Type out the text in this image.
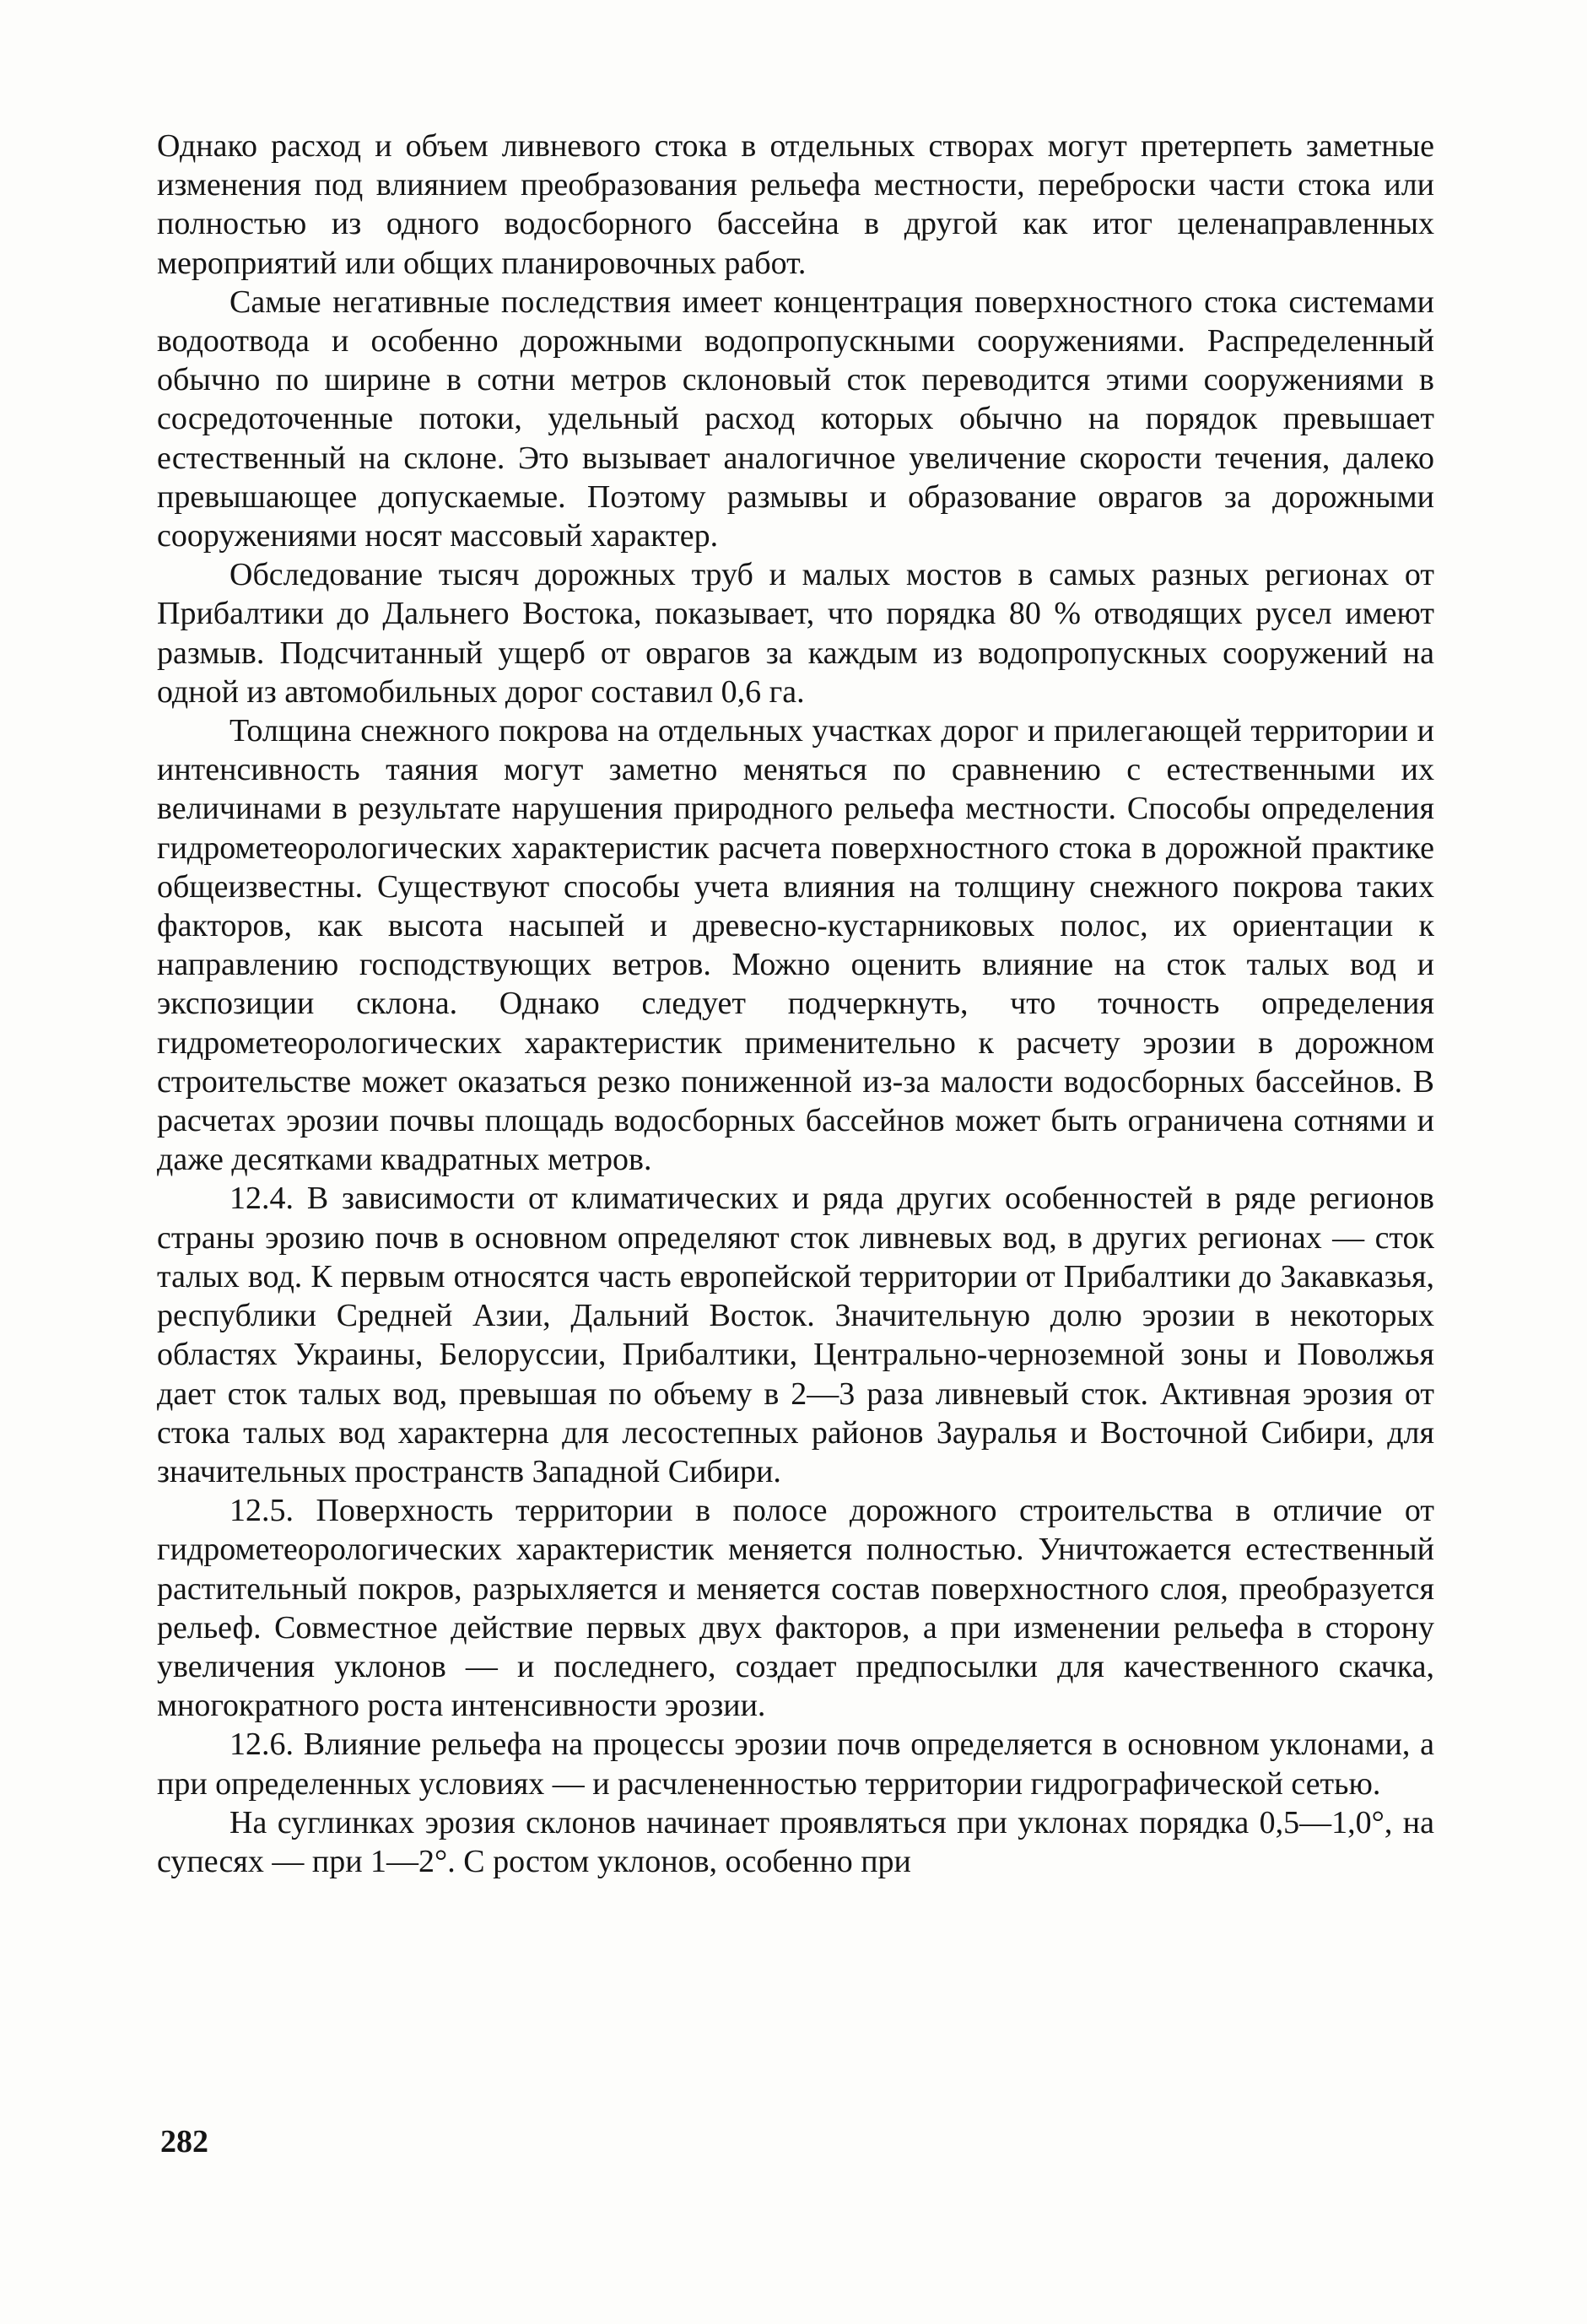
Однако расход и объем ливневого стока в отдельных створах могут претерпеть заметные изменения под влиянием преобразования рельефа местности, переброски части стока или полностью из одного водосборного бассейна в другой как итог целенаправленных мероприятий или общих планировочных работ.

Самые негативные последствия имеет концентрация поверхностного стока системами водоотвода и особенно дорожными водопропускными сооружениями. Распределенный обычно по ширине в сотни метров склоновый сток переводится этими сооружениями в сосредоточенные потоки, удельный расход которых обычно на порядок превышает естественный на склоне. Это вызывает аналогичное увеличение скорости течения, далеко превышающее допускаемые. Поэтому размывы и образование оврагов за дорожными сооружениями носят массовый характер.

Обследование тысяч дорожных труб и малых мостов в самых разных регионах от Прибалтики до Дальнего Востока, показывает, что порядка 80 % отводящих русел имеют размыв. Подсчитанный ущерб от оврагов за каждым из водопропускных сооружений на одной из автомобильных дорог составил 0,6 га.

Толщина снежного покрова на отдельных участках дорог и прилегающей территории и интенсивность таяния могут заметно меняться по сравнению с естественными их величинами в результате нарушения природного рельефа местности. Способы определения гидрометеорологических характеристик расчета поверхностного стока в дорожной практике общеизвестны. Существуют способы учета влияния на толщину снежного покрова таких факторов, как высота насыпей и древесно-кустарниковых полос, их ориентации к направлению господствующих ветров. Можно оценить влияние на сток талых вод и экспозиции склона. Однако следует подчеркнуть, что точность определения гидрометеорологических характеристик применительно к расчету эрозии в дорожном строительстве может оказаться резко пониженной из-за малости водосборных бассейнов. В расчетах эрозии почвы площадь водосборных бассейнов может быть ограничена сотнями и даже десятками квадратных метров.

12.4. В зависимости от климатических и ряда других особенностей в ряде регионов страны эрозию почв в основном определяют сток ливневых вод, в других регионах — сток талых вод. К первым относятся часть европейской территории от Прибалтики до Закавказья, республики Средней Азии, Дальний Восток. Значительную долю эрозии в некоторых областях Украины, Белоруссии, Прибалтики, Центрально-черноземной зоны и Поволжья дает сток талых вод, превышая по объему в 2—3 раза ливневый сток. Активная эрозия от стока талых вод характерна для лесостепных районов Зауралья и Восточной Сибири, для значительных пространств Западной Сибири.

12.5. Поверхность территории в полосе дорожного строительства в отличие от гидрометеорологических характеристик меняется полностью. Уничтожается естественный растительный покров, разрыхляется и меняется состав поверхностного слоя, преобразуется рельеф. Совместное действие первых двух факторов, а при изменении рельефа в сторону увеличения уклонов — и последнего, создает предпосылки для качественного скачка, многократного роста интенсивности эрозии.

12.6. Влияние рельефа на процессы эрозии почв определяется в основном уклонами, а при определенных условиях — и расчлененностью территории гидрографической сетью.

На суглинках эрозия склонов начинает проявляться при уклонах порядка 0,5—1,0°, на супесях — при 1—2°. С ростом уклонов, особенно при

282
